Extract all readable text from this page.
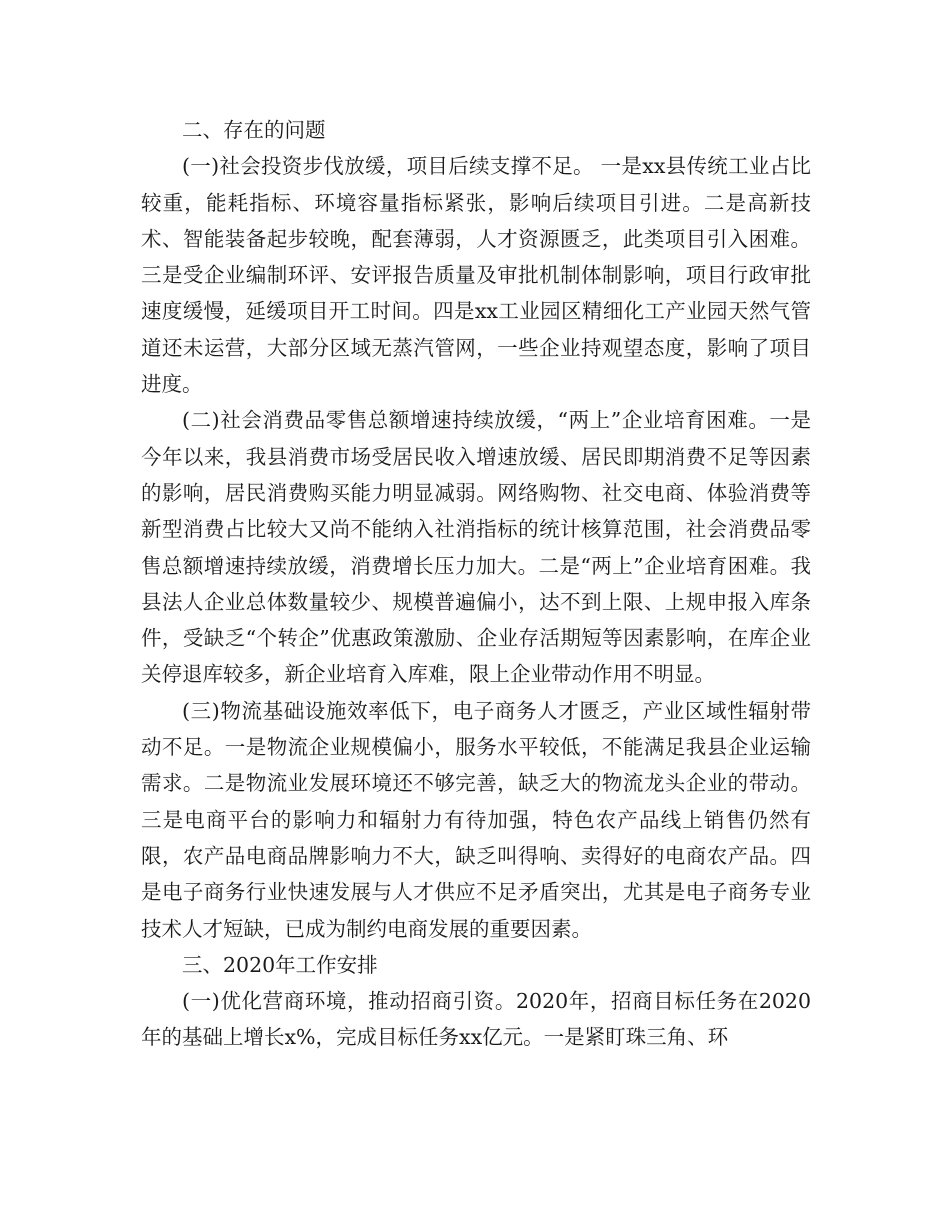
二、存在的问题

(一)社会投资步伐放缓，项目后续支撑不足。 一是xx县传统工业占比较重，能耗指标、环境容量指标紧张，影响后续项目引进。二是高新技术、智能装备起步较晚，配套薄弱，人才资源匮乏，此类项目引入困难。三是受企业编制环评、安评报告质量及审批机制体制影响，项目行政审批速度缓慢，延缓项目开工时间。四是xx工业园区精细化工产业园天然气管道还未运营，大部分区域无蒸汽管网，一些企业持观望态度，影响了项目进度。

(二)社会消费品零售总额增速持续放缓，“两上”企业培育困难。一是今年以来，我县消费市场受居民收入增速放缓、居民即期消费不足等因素的影响，居民消费购买能力明显减弱。网络购物、社交电商、体验消费等新型消费占比较大又尚不能纳入社消指标的统计核算范围，社会消费品零售总额增速持续放缓，消费增长压力加大。二是“两上”企业培育困难。我县法人企业总体数量较少、规模普遍偏小，达不到上限、上规申报入库条件，受缺乏“个转企”优惠政策激励、企业存活期短等因素影响，在库企业关停退库较多，新企业培育入库难，限上企业带动作用不明显。

(三)物流基础设施效率低下，电子商务人才匮乏，产业区域性辐射带动不足。一是物流企业规模偏小，服务水平较低，不能满足我县企业运输需求。二是物流业发展环境还不够完善，缺乏大的物流龙头企业的带动。三是电商平台的影响力和辐射力有待加强，特色农产品线上销售仍然有限，农产品电商品牌影响力不大，缺乏叫得响、卖得好的电商农产品。四是电子商务行业快速发展与人才供应不足矛盾突出，尤其是电子商务专业技术人才短缺，已成为制约电商发展的重要因素。

三、2020年工作安排

(一)优化营商环境，推动招商引资。2020年，招商目标任务在2020年的基础上增长x%，完成目标任务xx亿元。一是紧盯珠三角、环
